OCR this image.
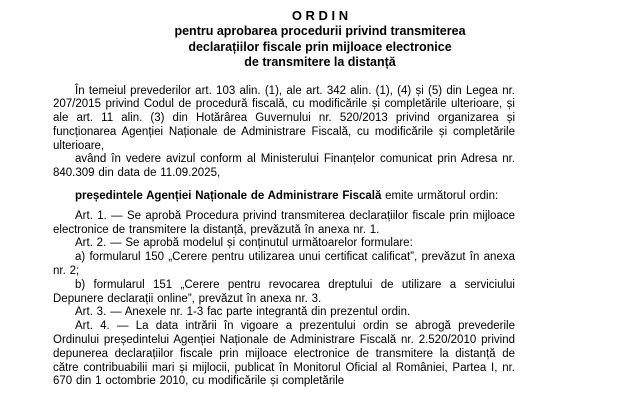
O R D I N
pentru aprobarea procedurii privind transmiterea
declarațiilor fiscale prin mijloace electronice
de transmitere la distanță

În temeiul prevederilor art. 103 alin. (1), ale art. 342 alin. (1), (4) și (5) din Legea nr. 207/2015 privind Codul de procedură fiscală, cu modificările și completările ulterioare, și ale art. 11 alin. (3) din Hotărârea Guvernului nr. 520/2013 privind organizarea și funcționarea Agenției Naționale de Administrare Fiscală, cu modificările și completările ulterioare,

având în vedere avizul conform al Ministerului Finanțelor comunicat prin Adresa nr. 840.309 din data de 11.09.2025,

președintele Agenției Naționale de Administrare Fiscală emite următorul ordin:

Art. 1. — Se aprobă Procedura privind transmiterea declarațiilor fiscale prin mijloace electronice de transmitere la distanță, prevăzută în anexa nr. 1.

Art. 2. — Se aprobă modelul și conținutul următoarelor formulare:

a) formularul 150 „Cerere pentru utilizarea unui certificat calificat”, prevăzut în anexa nr. 2;

b) formularul 151 „Cerere pentru revocarea dreptului de utilizare a serviciului Depunere declarații online”, prevăzut în anexa nr. 3.

Art. 3. — Anexele nr. 1-3 fac parte integrantă din prezentul ordin.

Art. 4. — La data intrării în vigoare a prezentului ordin se abrogă prevederile Ordinului președintelui Agenției Naționale de Administrare Fiscală nr. 2.520/2010 privind depunerea declarațiilor fiscale prin mijloace electronice de transmitere la distanță de către contribuabilii mari și mijlocii, publicat în Monitorul Oficial al României, Partea I, nr. 670 din 1 octombrie 2010, cu modificările și completările
